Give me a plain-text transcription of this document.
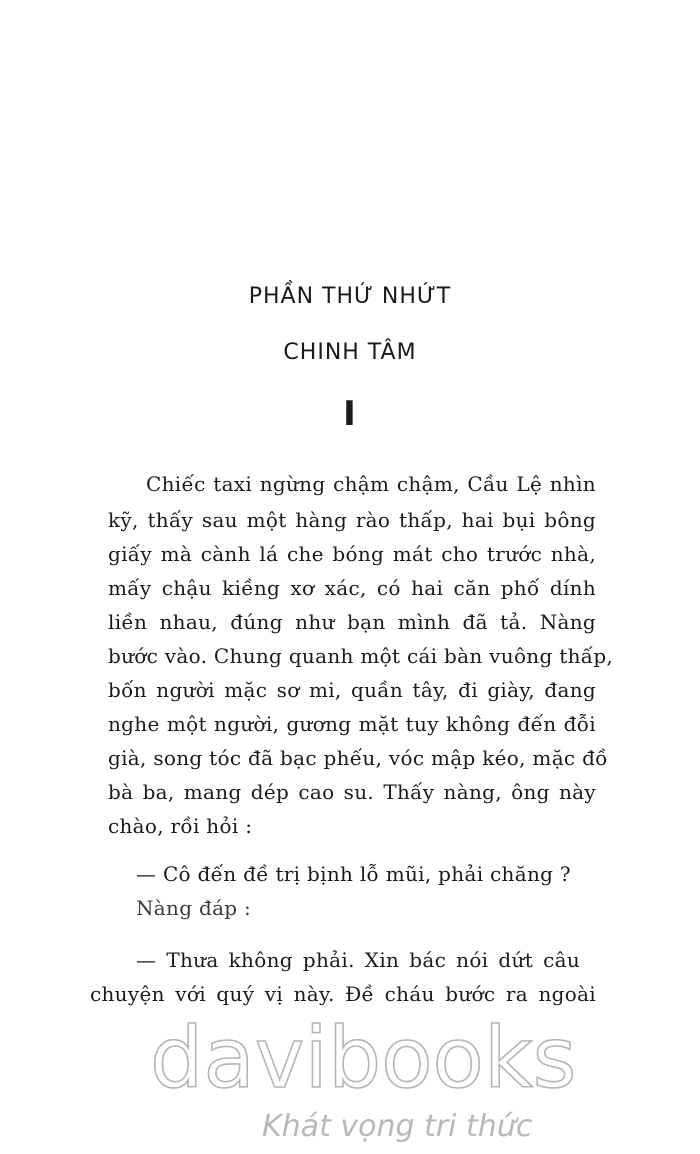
PHẦN THỨ NHỨT
CHINH TÂM
I
Chiếc taxi ngừng chậm chậm, Cầu Lệ nhìn
kỹ, thấy sau một hàng rào thấp, hai bụi bông
giấy mà cành lá che bóng mát cho trước nhà,
mấy chậu kiềng xơ xác, có hai căn phố dính
liền nhau, đúng như bạn mình đã tả. Nàng
bước vào. Chung quanh một cái bàn vuông thấp,
bốn người mặc sơ mi, quần tây, đi giày, đang
nghe một người, gương mặt tuy không đến đỗi
già, song tóc đã bạc phếu, vóc mập kéo, mặc đồ
bà ba, mang dép cao su. Thấy nàng, ông này
chào, rồi hỏi :
— Cô đến đề trị bịnh lỗ mũi, phải chăng ?
Nàng đáp :
— Thưa không phải. Xin bác nói dứt câu
chuyện với quý vị này. Đề cháu bước ra ngoài
davibooks
Khát vọng tri thức
